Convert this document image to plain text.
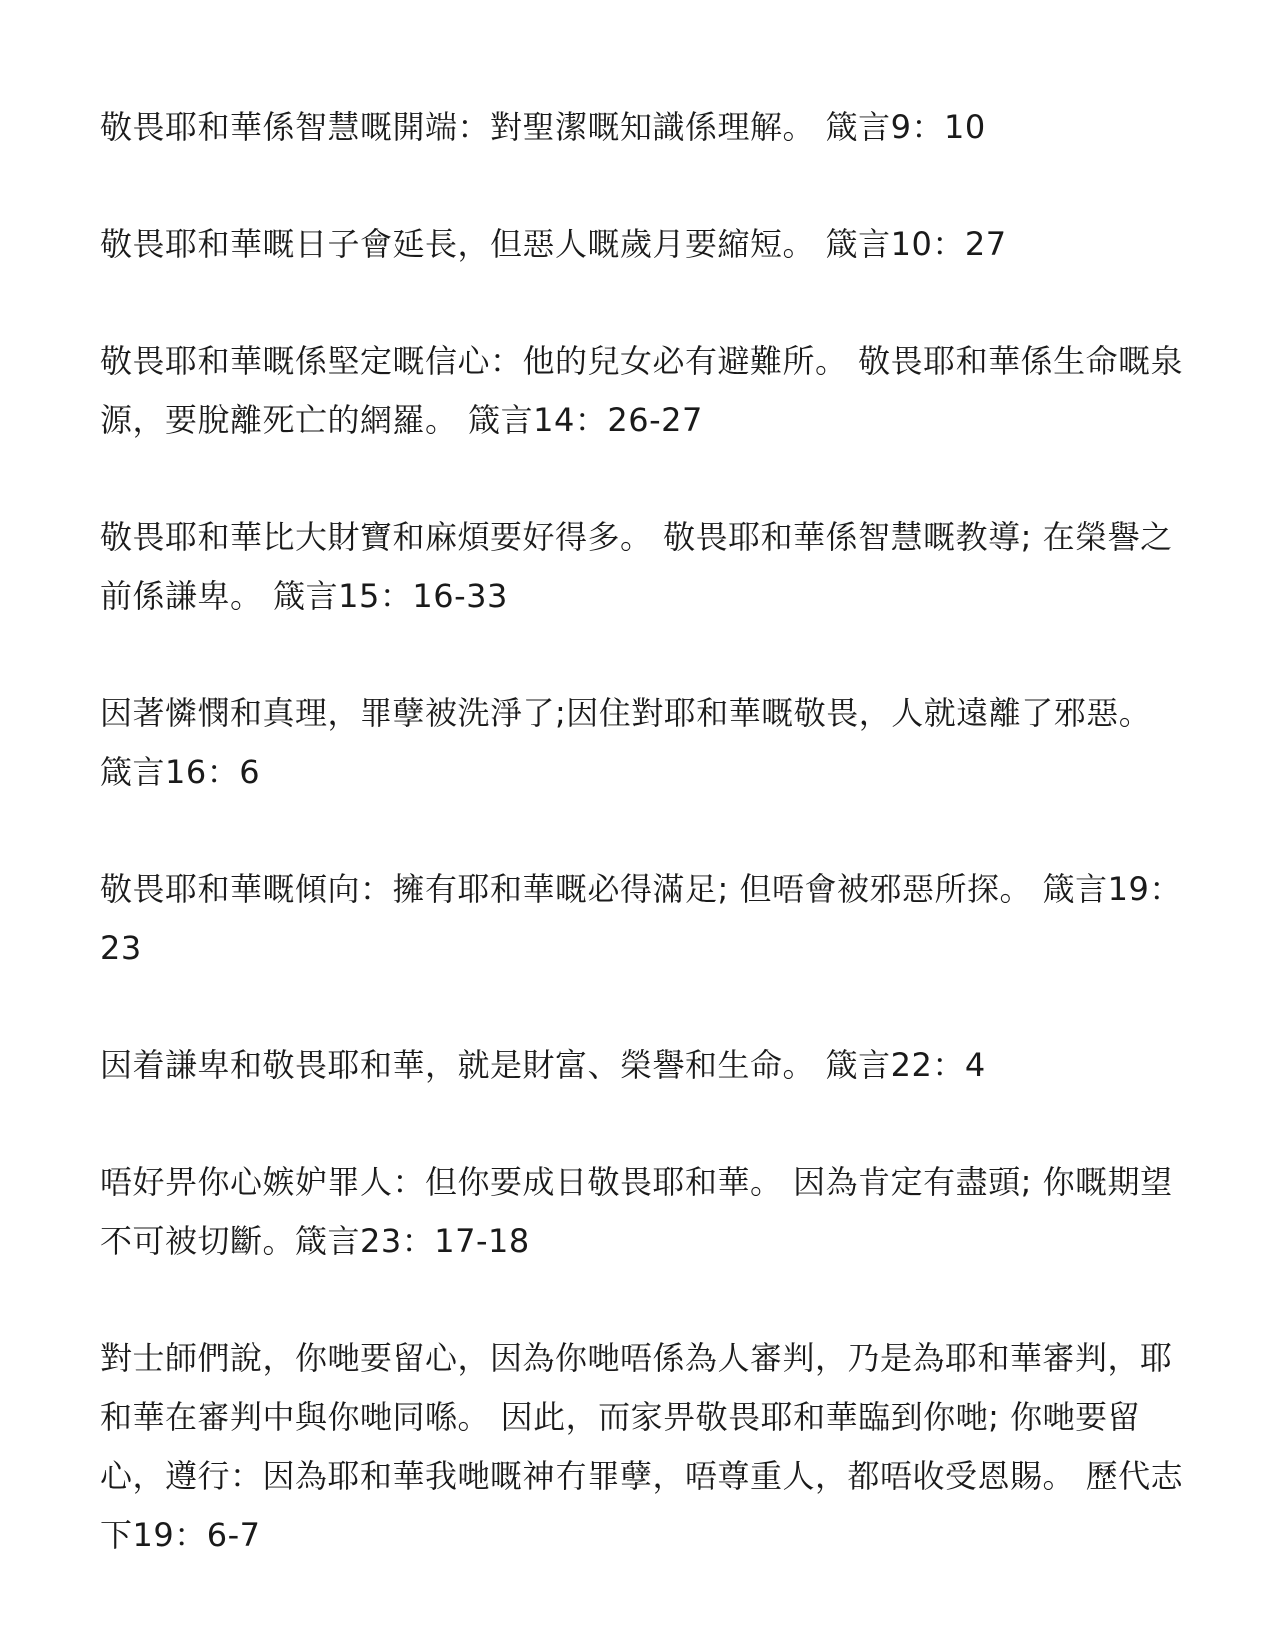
敬畏耶和華係智慧嘅開端：對聖潔嘅知識係理解。 箴言9：10

敬畏耶和華嘅日子會延長，但惡人嘅歲月要縮短。 箴言10：27

敬畏耶和華嘅係堅定嘅信心：他的兒女必有避難所。 敬畏耶和華係生命嘅泉源，要脫離死亡的網羅。 箴言14：26-27

敬畏耶和華比大財寶和麻煩要好得多。 敬畏耶和華係智慧嘅教導; 在榮譽之前係謙卑。 箴言15：16-33

因著憐憫和真理，罪孽被洗淨了;因住對耶和華嘅敬畏，人就遠離了邪惡。 箴言16：6

敬畏耶和華嘅傾向：擁有耶和華嘅必得滿足; 但唔會被邪惡所探。 箴言19：23

因着謙卑和敬畏耶和華，就是財富、榮譽和生命。 箴言22：4

唔好畀你心嫉妒罪人：但你要成日敬畏耶和華。 因為肯定有盡頭; 你嘅期望不可被切斷。箴言23：17-18

對士師們說，你哋要留心，因為你哋唔係為人審判，乃是為耶和華審判，耶和華在審判中與你哋同喺。 因此，而家畀敬畏耶和華臨到你哋; 你哋要留心，遵行：因為耶和華我哋嘅神冇罪孽，唔尊重人，都唔收受恩賜。 歷代志下19：6-7
